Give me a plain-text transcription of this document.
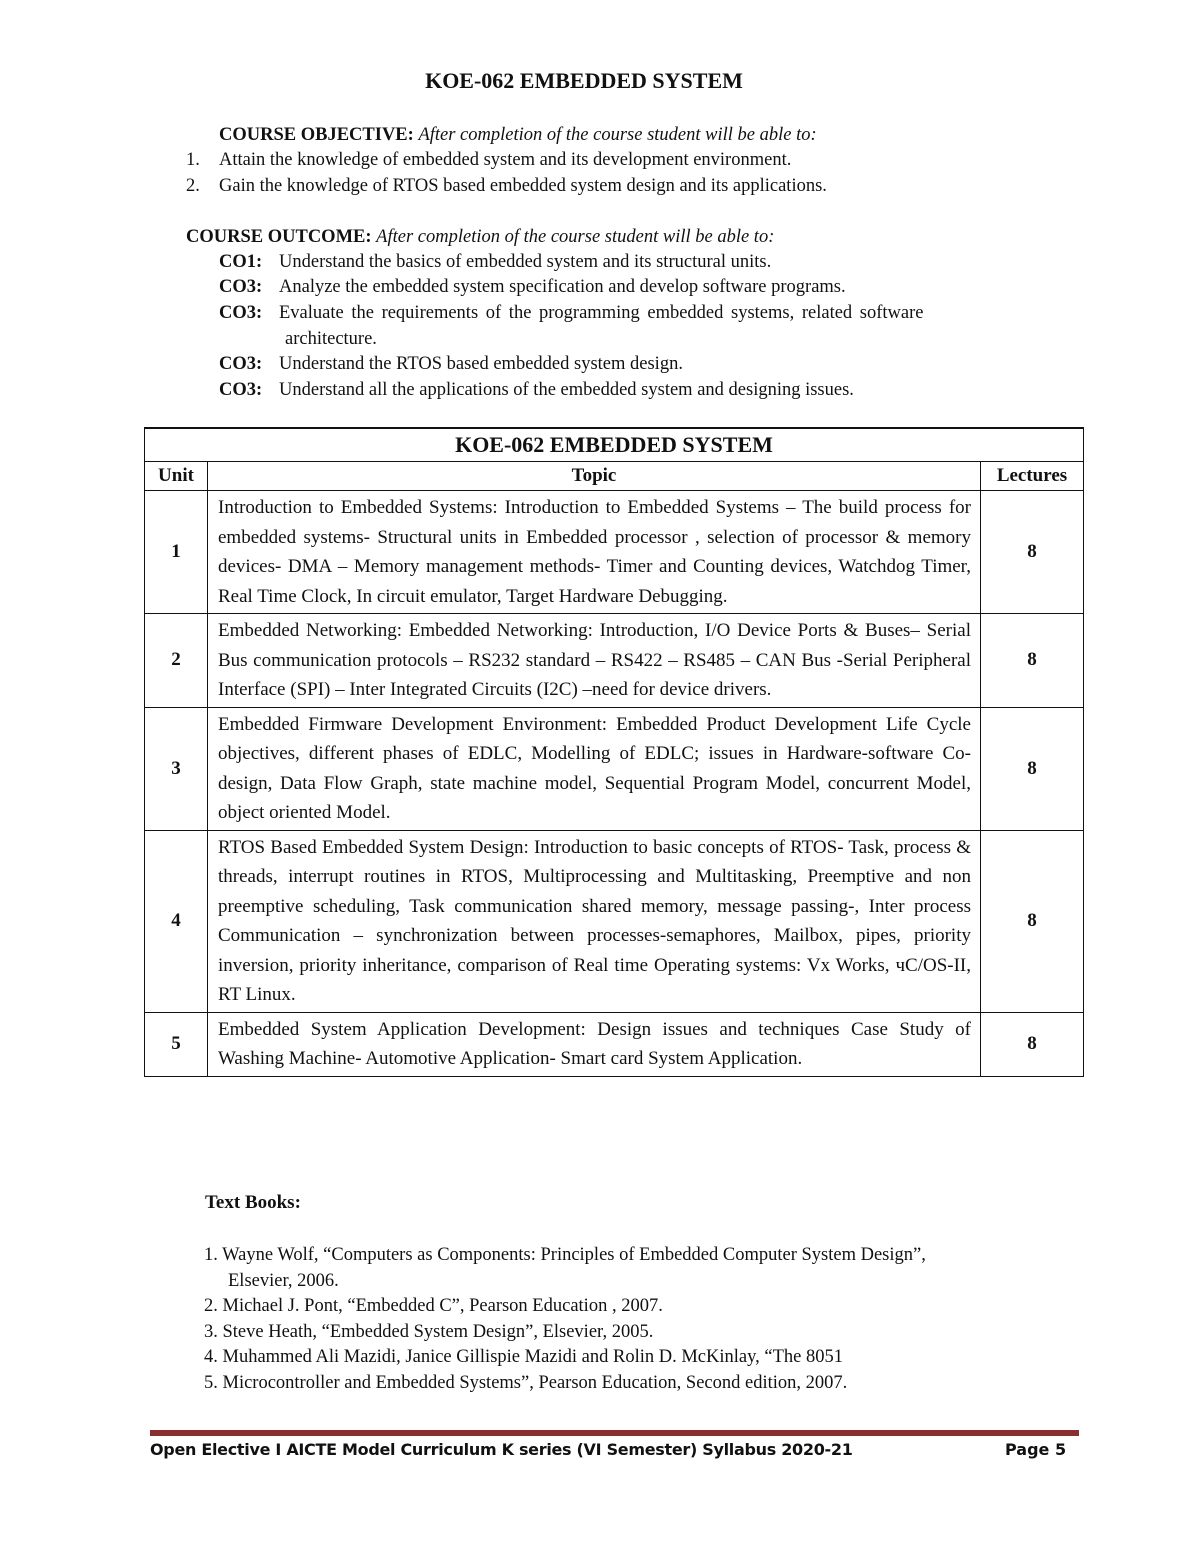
KOE-062 EMBEDDED SYSTEM
COURSE OBJECTIVE: After completion of the course student will be able to:
1. Attain the knowledge of embedded system and its development environment.
2. Gain the knowledge of RTOS based embedded system design and its applications.
COURSE OUTCOME: After completion of the course student will be able to:
CO1: Understand the basics of embedded system and its structural units.
CO3: Analyze the embedded system specification and develop software programs.
CO3: Evaluate the requirements of the programming embedded systems, related software
architecture.
CO3: Understand the RTOS based embedded system design.
CO3: Understand all the applications of the embedded system and designing issues.
KOE-062 EMBEDDED SYSTEM		
Unit	Topic	Lectures
1	Introduction to Embedded Systems: Introduction to Embedded Systems – The build process for embedded systems- Structural units in Embedded processor , selection of processor & memory devices- DMA – Memory management methods- Timer and Counting devices, Watchdog Timer, Real Time Clock, In circuit emulator, Target Hardware Debugging.	8
2	Embedded Networking: Embedded Networking: Introduction, I/O Device Ports & Buses– Serial Bus communication protocols – RS232 standard – RS422 – RS485 – CAN Bus -Serial Peripheral Interface (SPI) – Inter Integrated Circuits (I2C) –need for device drivers.	8
3	Embedded Firmware Development Environment: Embedded Product Development Life Cycle objectives, different phases of EDLC, Modelling of EDLC; issues in Hardware-software Co-design, Data Flow Graph, state machine model, Sequential Program Model, concurrent Model, object oriented Model.	8
4	RTOS Based Embedded System Design: Introduction to basic concepts of RTOS- Task, process & threads, interrupt routines in RTOS, Multiprocessing and Multitasking, Preemptive and non preemptive scheduling, Task communication shared memory, message passing-, Inter process Communication – synchronization between processes-semaphores, Mailbox, pipes, priority inversion, priority inheritance, comparison of Real time Operating systems: Vx Works, чC/OS-II, RT Linux.	8
5	Embedded System Application Development: Design issues and techniques Case Study of Washing Machine- Automotive Application- Smart card System Application.	8
Text Books:
1. Wayne Wolf, “Computers as Components: Principles of Embedded Computer System Design”,
Elsevier, 2006.
2. Michael J. Pont, “Embedded C”, Pearson Education , 2007.
3. Steve Heath, “Embedded System Design”, Elsevier, 2005.
4. Muhammed Ali Mazidi, Janice Gillispie Mazidi and Rolin D. McKinlay, “The 8051
5. Microcontroller and Embedded Systems”, Pearson Education, Second edition, 2007.
Open Elective I AICTE Model Curriculum K series (VI Semester) Syllabus 2020-21	Page 5
